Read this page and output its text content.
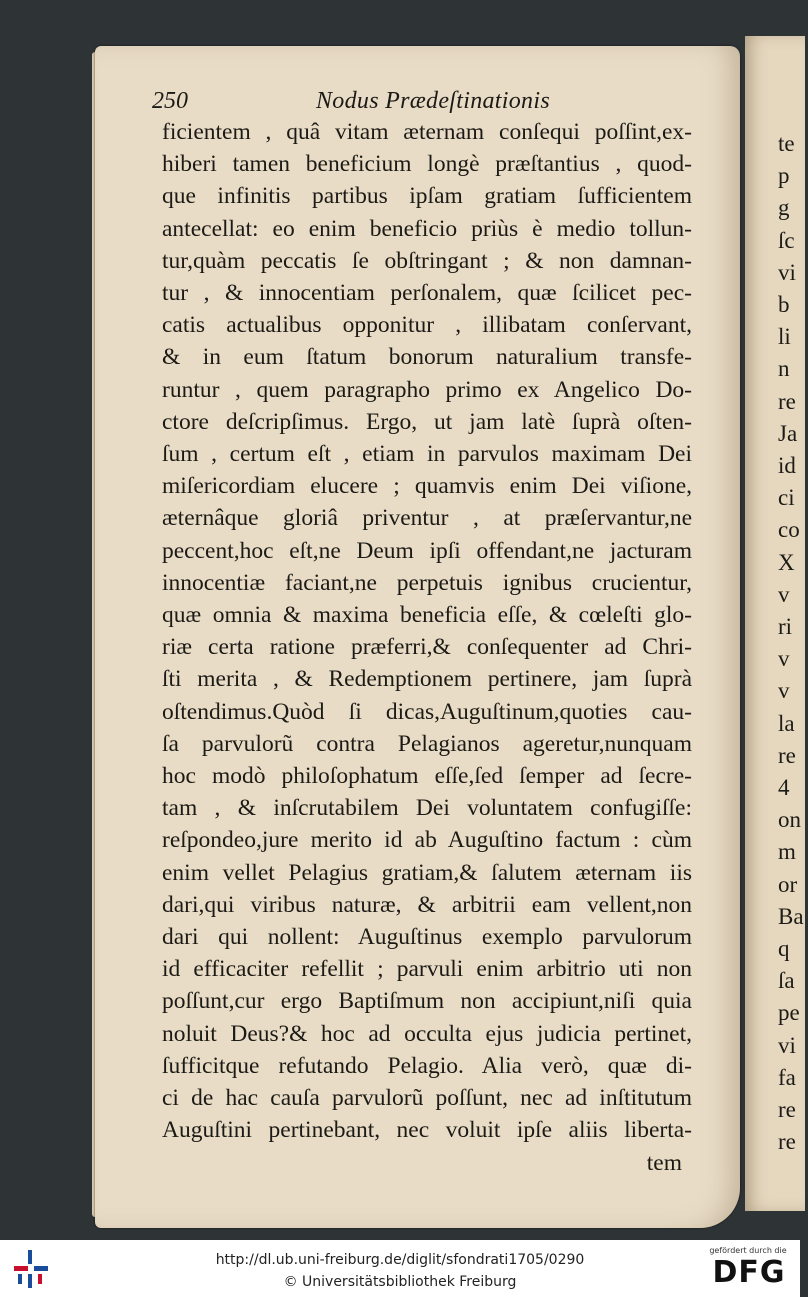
te
p
g
ſc
vi
b
li
n
re
Ja
id
ci
co
X
v
ri
v
v
la
re
4
on
m
or
Ba
q
ſa
pe
vi
fa
re
re
250	Nodus Prædeſtinationis
ficientem , quâ vitam æternam conſequi poſſint,ex-
hiberi tamen beneficium longè præſtantius , quod-
que infinitis partibus ipſam gratiam ſufficientem
antecellat: eo enim beneficio priùs è medio tollun-
tur,quàm peccatis ſe obſtringant ; & non damnan-
tur , & innocentiam perſonalem, quæ ſcilicet pec-
catis actualibus opponitur , illibatam conſervant,
& in eum ſtatum bonorum naturalium transfe-
runtur , quem paragrapho primo ex Angelico Do-
ctore deſcripſimus. Ergo, ut jam latè ſuprà oſten-
ſum , certum eſt , etiam in parvulos maximam Dei
miſericordiam elucere ; quamvis enim Dei viſione,
æternâque gloriâ priventur , at præſervantur,ne
peccent,hoc eſt,ne Deum ipſi offendant,ne jacturam
innocentiæ faciant,ne perpetuis ignibus crucientur,
quæ omnia & maxima beneficia eſſe, & cœleſti glo-
riæ certa ratione præferri,& conſequenter ad Chri-
ſti merita , & Redemptionem pertinere, jam ſuprà
oſtendimus.Quòd ſi dicas,Auguſtinum,quoties cau-
ſa parvulorũ contra Pelagianos ageretur,nunquam
hoc modò philoſophatum eſſe,ſed ſemper ad ſecre-
tam , & inſcrutabilem Dei voluntatem confugiſſe:
reſpondeo,jure merito id ab Auguſtino factum : cùm
enim vellet Pelagius gratiam,& ſalutem æternam iis
dari,qui viribus naturæ, & arbitrii eam vellent,non
dari qui nollent: Auguſtinus exemplo parvulorum
id efficaciter refellit ; parvuli enim arbitrio uti non
poſſunt,cur ergo Baptiſmum non accipiunt,niſi quia
noluit Deus?& hoc ad occulta ejus judicia pertinet,
ſufficitque refutando Pelagio. Alia verò, quæ di-
ci de hac cauſa parvulorũ poſſunt, nec ad inſtitutum
Auguſtini pertinebant, nec voluit ipſe aliis liberta-
tem
http://dl.ub.uni-freiburg.de/diglit/sfondrati1705/0290
© Universitätsbibliothek Freiburg
gefördert durch die
DFG
